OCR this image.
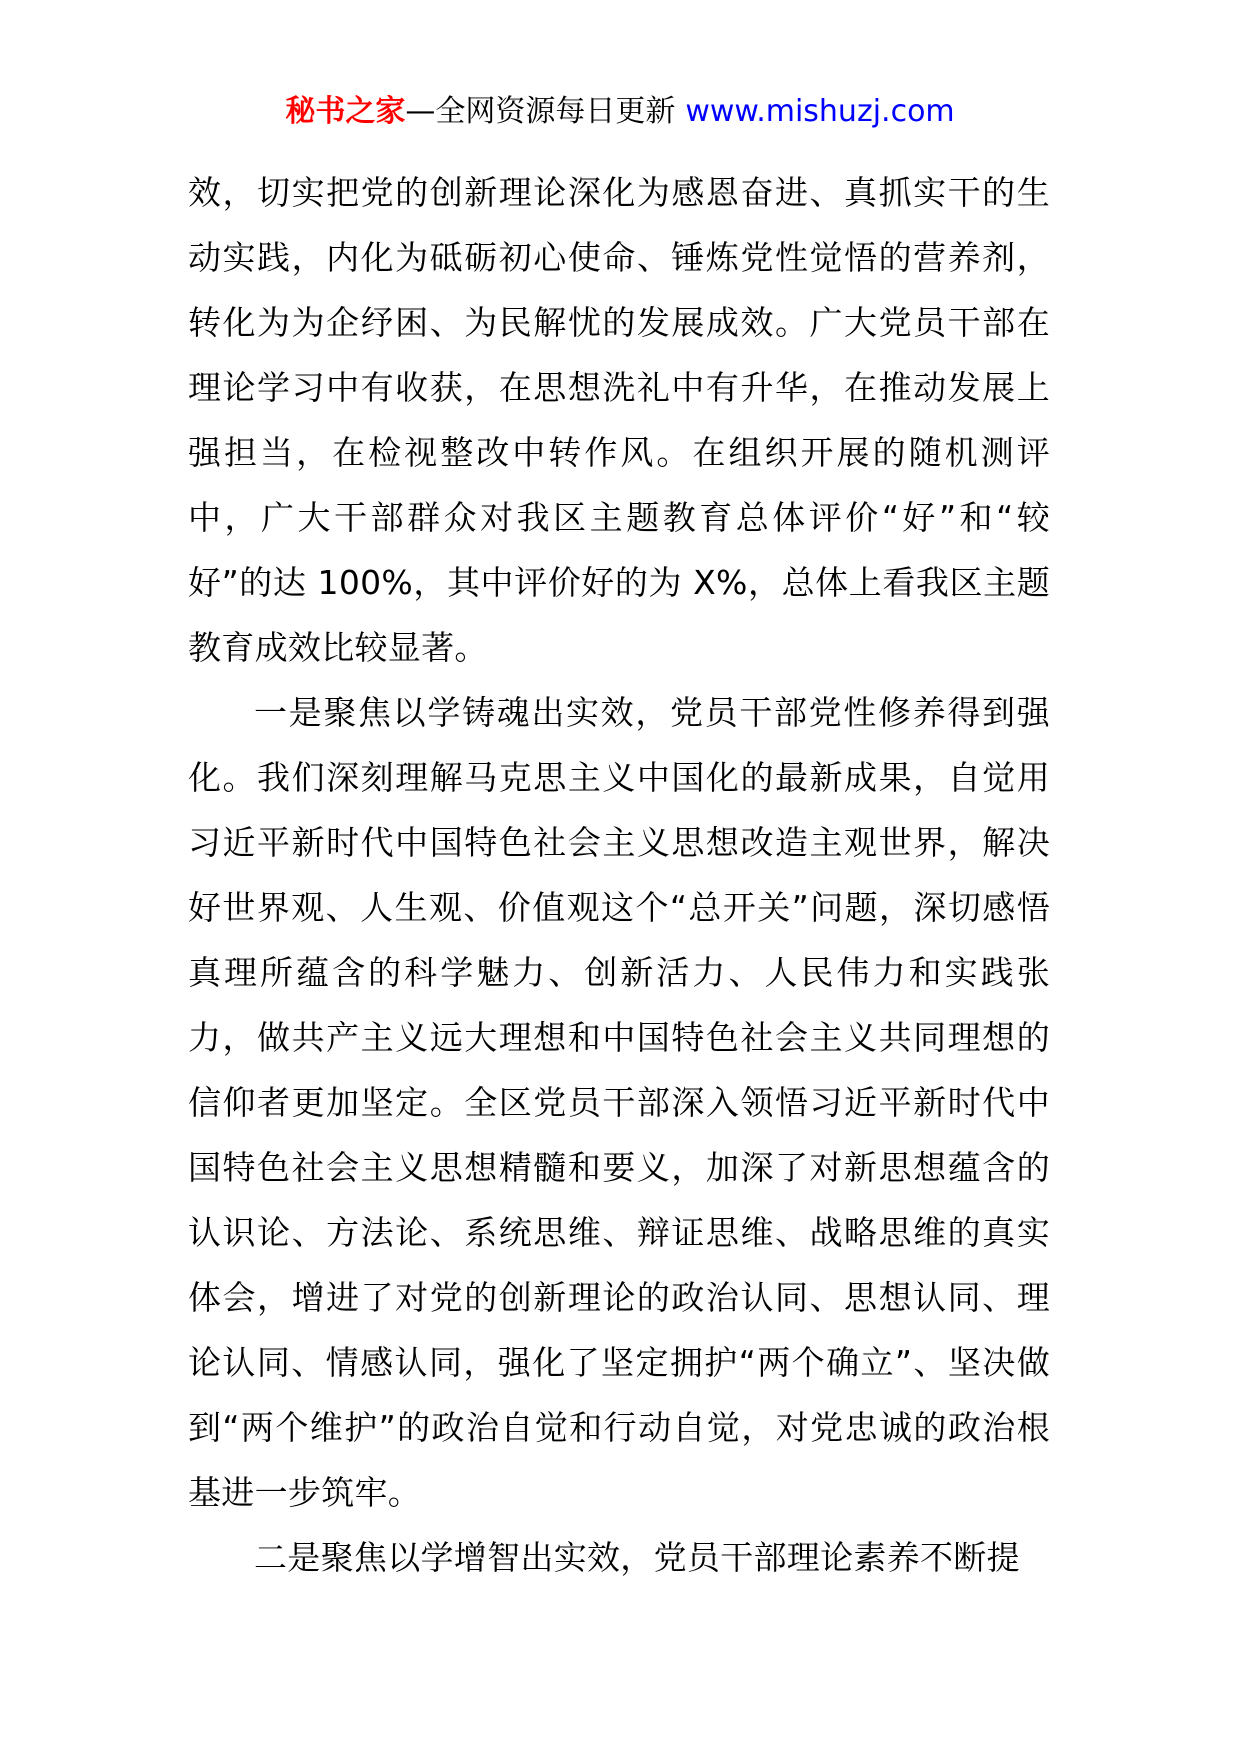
秘书之家—全网资源每日更新 www.mishuzj.com

效，切实把党的创新理论深化为感恩奋进、真抓实干的生动实践，内化为砥砺初心使命、锤炼党性觉悟的营养剂，转化为为企纾困、为民解忧的发展成效。广大党员干部在理论学习中有收获，在思想洗礼中有升华，在推动发展上强担当，在检视整改中转作风。在组织开展的随机测评中，广大干部群众对我区主题教育总体评价“好”和“较好”的达 100%，其中评价好的为 X%，总体上看我区主题教育成效比较显著。

一是聚焦以学铸魂出实效，党员干部党性修养得到强化。我们深刻理解马克思主义中国化的最新成果，自觉用习近平新时代中国特色社会主义思想改造主观世界，解决好世界观、人生观、价值观这个“总开关”问题，深切感悟真理所蕴含的科学魅力、创新活力、人民伟力和实践张力，做共产主义远大理想和中国特色社会主义共同理想的信仰者更加坚定。全区党员干部深入领悟习近平新时代中国特色社会主义思想精髓和要义，加深了对新思想蕴含的认识论、方法论、系统思维、辩证思维、战略思维的真实体会，增进了对党的创新理论的政治认同、思想认同、理论认同、情感认同，强化了坚定拥护“两个确立”、坚决做到“两个维护”的政治自觉和行动自觉，对党忠诚的政治根基进一步筑牢。

二是聚焦以学增智出实效，党员干部理论素养不断提
